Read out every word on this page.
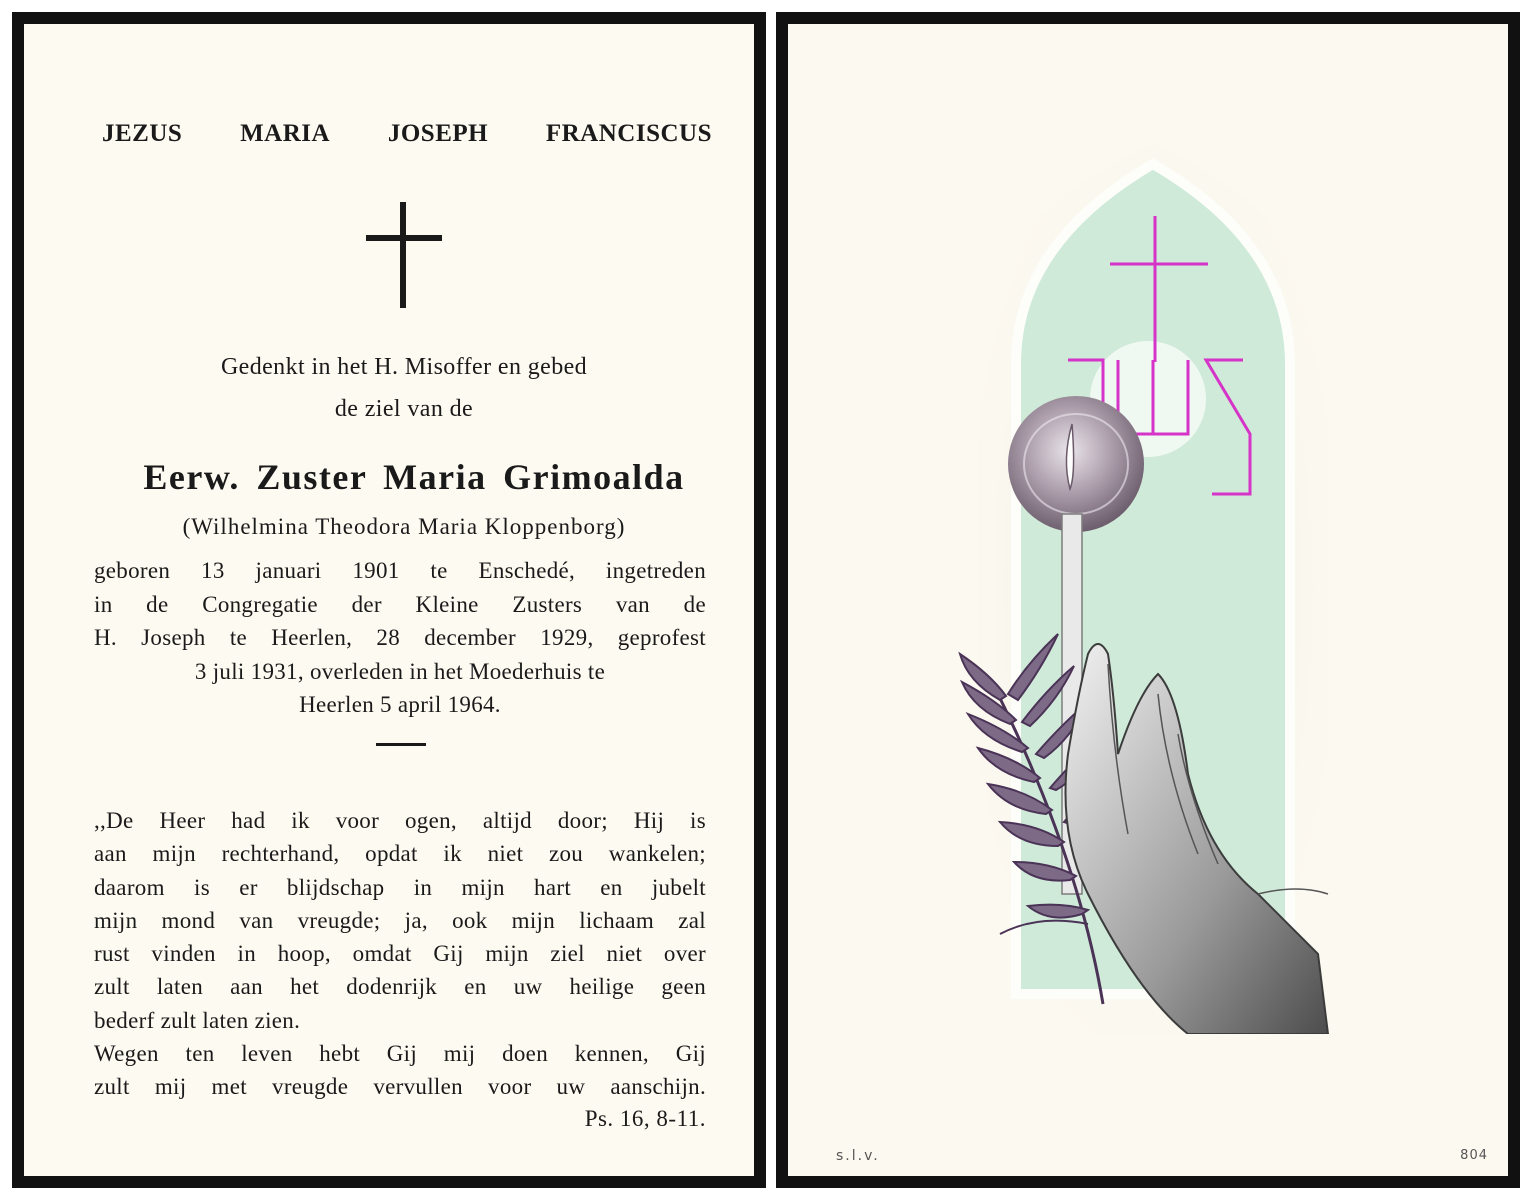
JEZUS MARIA JOSEPH FRANCISCUS
Gedenkt in het H. Misoffer en gebed
de ziel van de
Eerw. Zuster Maria Grimoalda
(Wilhelmina Theodora Maria Kloppenborg)
geboren 13 januari 1901 te Enschedé, ingetreden
in de Congregatie der Kleine Zusters van de
H. Joseph te Heerlen, 28 december 1929, geprofest
3 juli 1931, overleden in het Moederhuis te
Heerlen 5 april 1964.
,,De Heer had ik voor ogen, altijd door; Hij is
aan mijn rechterhand, opdat ik niet zou wankelen;
daarom is er blijdschap in mijn hart en jubelt
mijn mond van vreugde; ja, ook mijn lichaam zal
rust vinden in hoop, omdat Gij mijn ziel niet over
zult laten aan het dodenrijk en uw heilige geen
bederf zult laten zien.
Wegen ten leven hebt Gij mij doen kennen, Gij
zult mij met vreugde vervullen voor uw aanschijn.
Ps. 16, 8-11.
s.l.v.	804
